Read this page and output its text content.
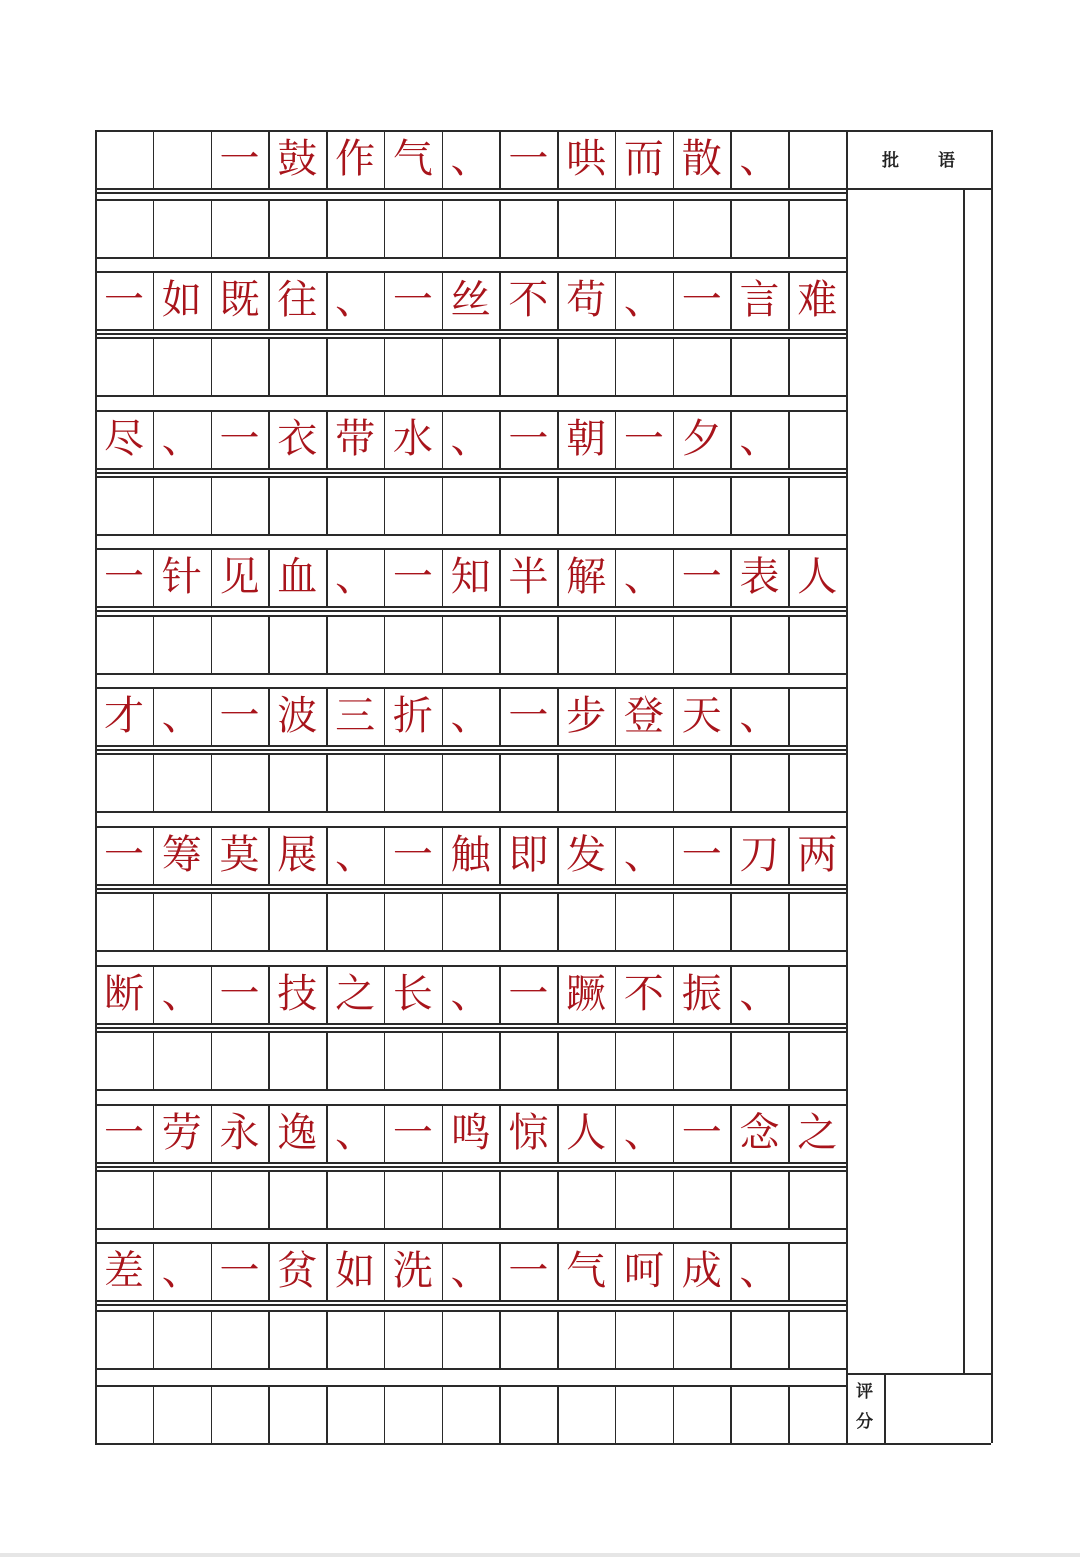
一 鼓 作 气 、 一 哄 而 散 、
一 如 既 往 、 一 丝 不 苟 、 一 言 难
尽 、 一 衣 带 水 、 一 朝 一 夕 、
一 针 见 血 、 一 知 半 解 、 一 表 人
才 、 一 波 三 折 、 一 步 登 天 、
一 筹 莫 展 、 一 触 即 发 、 一 刀 两
断 、 一 技 之 长 、 一 蹶 不 振 、
一 劳 永 逸 、 一 鸣 惊 人 、 一 念 之
差 、 一 贫 如 洗 、 一 气 呵 成 、
批 语
评
分
